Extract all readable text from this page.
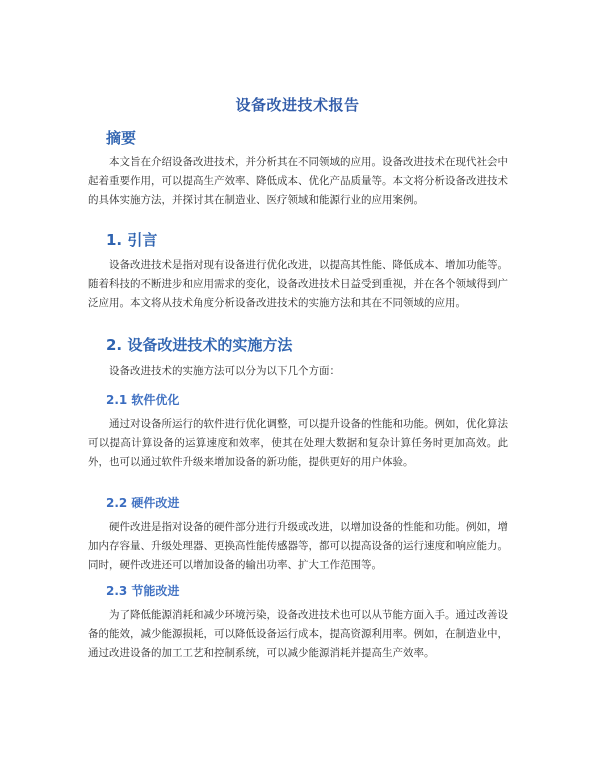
设备改进技术报告
摘要

本文旨在介绍设备改进技术，并分析其在不同领域的应用。设备改进技术在现代社会中起着重要作用，可以提高生产效率、降低成本、优化产品质量等。本文将分析设备改进技术的具体实施方法，并探讨其在制造业、医疗领域和能源行业的应用案例。

1. 引言

设备改进技术是指对现有设备进行优化改进，以提高其性能、降低成本、增加功能等。随着科技的不断进步和应用需求的变化，设备改进技术日益受到重视，并在各个领域得到广泛应用。本文将从技术角度分析设备改进技术的实施方法和其在不同领域的应用。

2. 设备改进技术的实施方法

设备改进技术的实施方法可以分为以下几个方面：

2.1 软件优化

通过对设备所运行的软件进行优化调整，可以提升设备的性能和功能。例如，优化算法可以提高计算设备的运算速度和效率，使其在处理大数据和复杂计算任务时更加高效。此外，也可以通过软件升级来增加设备的新功能，提供更好的用户体验。

2.2 硬件改进

硬件改进是指对设备的硬件部分进行升级或改进，以增加设备的性能和功能。例如，增加内存容量、升级处理器、更换高性能传感器等，都可以提高设备的运行速度和响应能力。同时，硬件改进还可以增加设备的输出功率、扩大工作范围等。

2.3 节能改进

为了降低能源消耗和减少环境污染，设备改进技术也可以从节能方面入手。通过改善设备的能效，减少能源损耗，可以降低设备运行成本，提高资源利用率。例如，在制造业中，通过改进设备的加工工艺和控制系统，可以减少能源消耗并提高生产效率。
